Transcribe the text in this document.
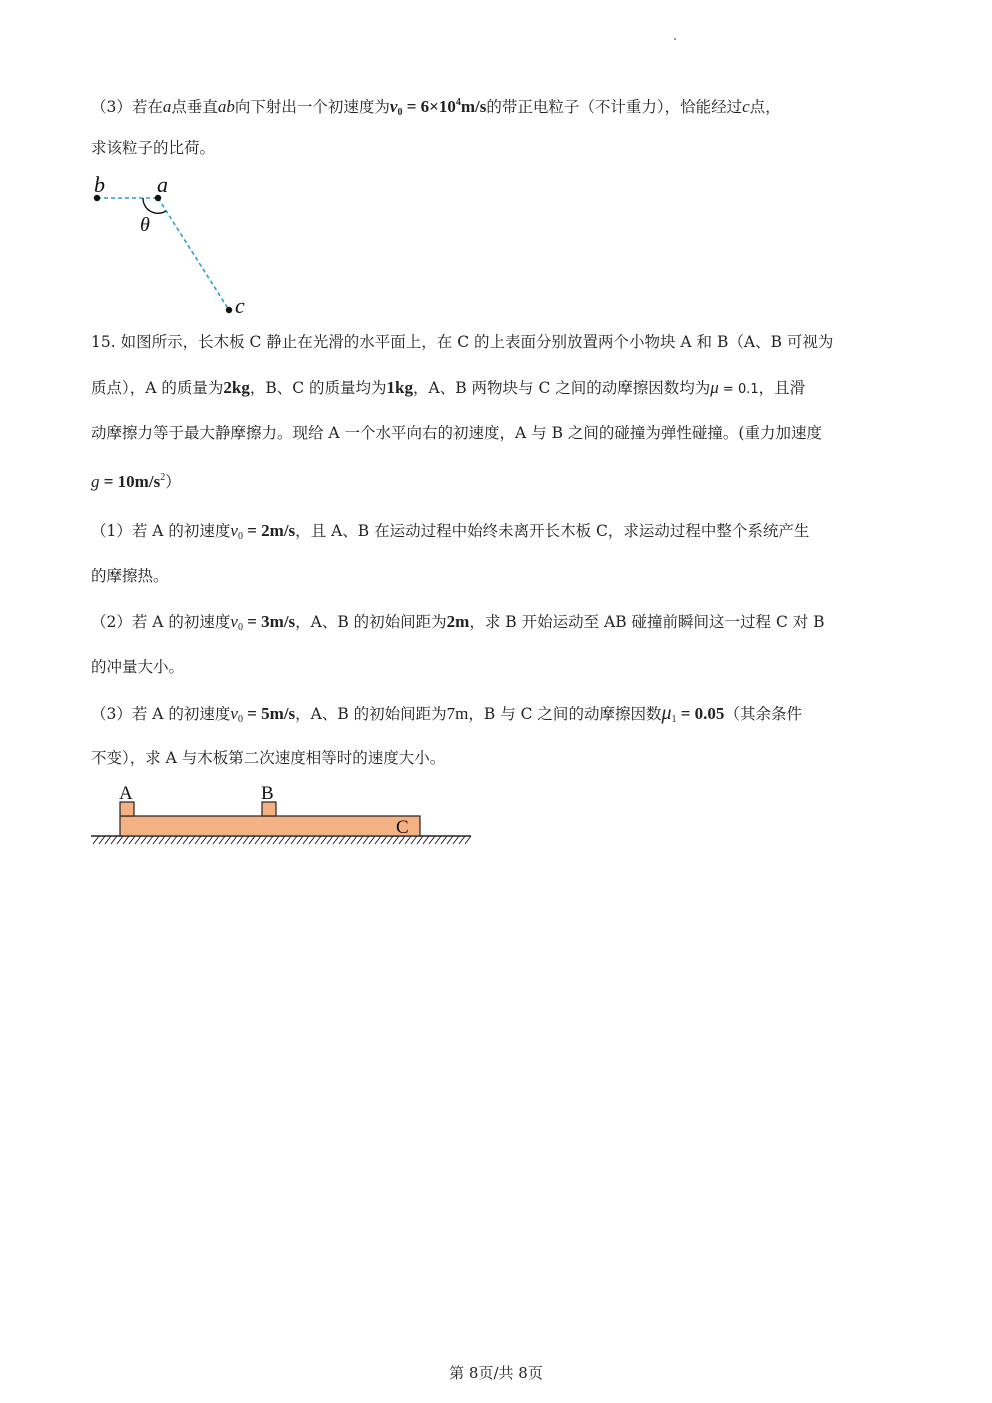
（3）若在a点垂直ab向下射出一个初速度为$v_0 = 6\times 10^4m/s$的带正电粒子（不计重力），恰能经过c点，
求该粒子的比荷。
b a
θ
c
15. 如图所示，长木板 C 静止在光滑的水平面上，在 C 的上表面分别放置两个小物块 A 和 B（A、B 可视为
质点），A 的质量为2kg，B、C 的质量均为1kg，A、B 两物块与 C 之间的动摩擦因数均为μ = 0.1，且滑
动摩擦力等于最大静摩擦力。现给 A 一个水平向右的初速度，A 与 B 之间的碰撞为弹性碰撞。(重力加速度
$g = 10m/s^2$）
（1）若 A 的初速度$v_0 = 2m/s$，且 A、B 在运动过程中始终未离开长木板 C，求运动过程中整个系统产生
的摩擦热。
（2）若 A 的初速度$v_0 = 3m/s$，A、B 的初始间距为2m，求 B 开始运动至 AB 碰撞前瞬间这一过程 C 对 B
的冲量大小。
（3）若 A 的初速度$v_0 = 5m/s$，A、B 的初始间距为7m，B 与 C 之间的动摩擦因数$\mu_1 = 0.05$（其余条件
不变），求 A 与木板第二次速度相等时的速度大小。
A	B
C
第 8页/共 8页
